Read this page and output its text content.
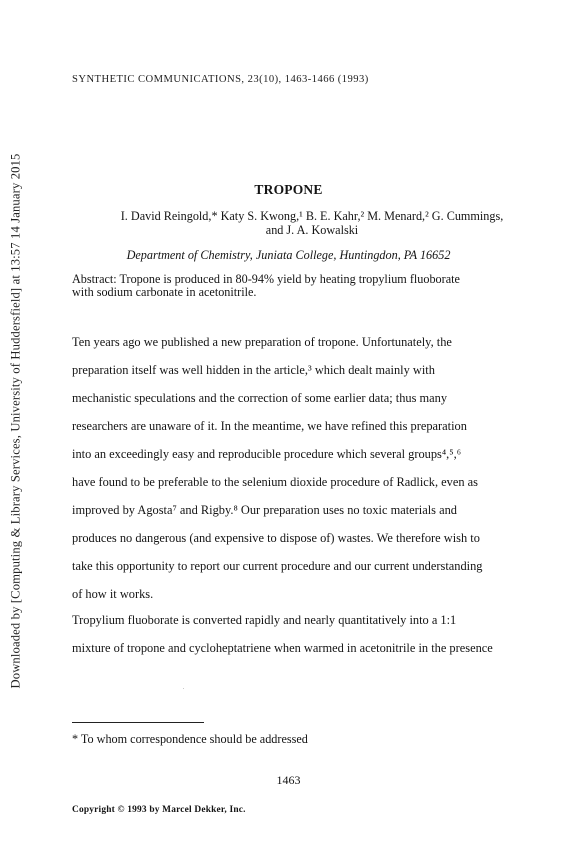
Downloaded by [Computing & Library Services, University of Huddersfield] at 13:57 14 January 2015
SYNTHETIC COMMUNICATIONS, 23(10), 1463-1466 (1993)
TROPONE
I. David Reingold,* Katy S. Kwong,¹ B. E. Kahr,² M. Menard,² G. Cummings,
and J. A. Kowalski
Department of Chemistry, Juniata College, Huntingdon, PA 16652
Abstract: Tropone is produced in 80-94% yield by heating tropylium fluoborate
with sodium carbonate in acetonitrile.
Ten years ago we published a new preparation of tropone. Unfortunately, the
preparation itself was well hidden in the article,³ which dealt mainly with
mechanistic speculations and the correction of some earlier data; thus many
researchers are unaware of it. In the meantime, we have refined this preparation
into an exceedingly easy and reproducible procedure which several groups⁴,⁵,⁶
have found to be preferable to the selenium dioxide procedure of Radlick, even as
improved by Agosta⁷ and Rigby.⁸ Our preparation uses no toxic materials and
produces no dangerous (and expensive to dispose of) wastes. We therefore wish to
take this opportunity to report our current procedure and our current understanding
of how it works.
Tropylium fluoborate is converted rapidly and nearly quantitatively into a 1:1
mixture of tropone and cycloheptatriene when warmed in acetonitrile in the presence
* To whom correspondence should be addressed
1463
Copyright © 1993 by Marcel Dekker, Inc.
